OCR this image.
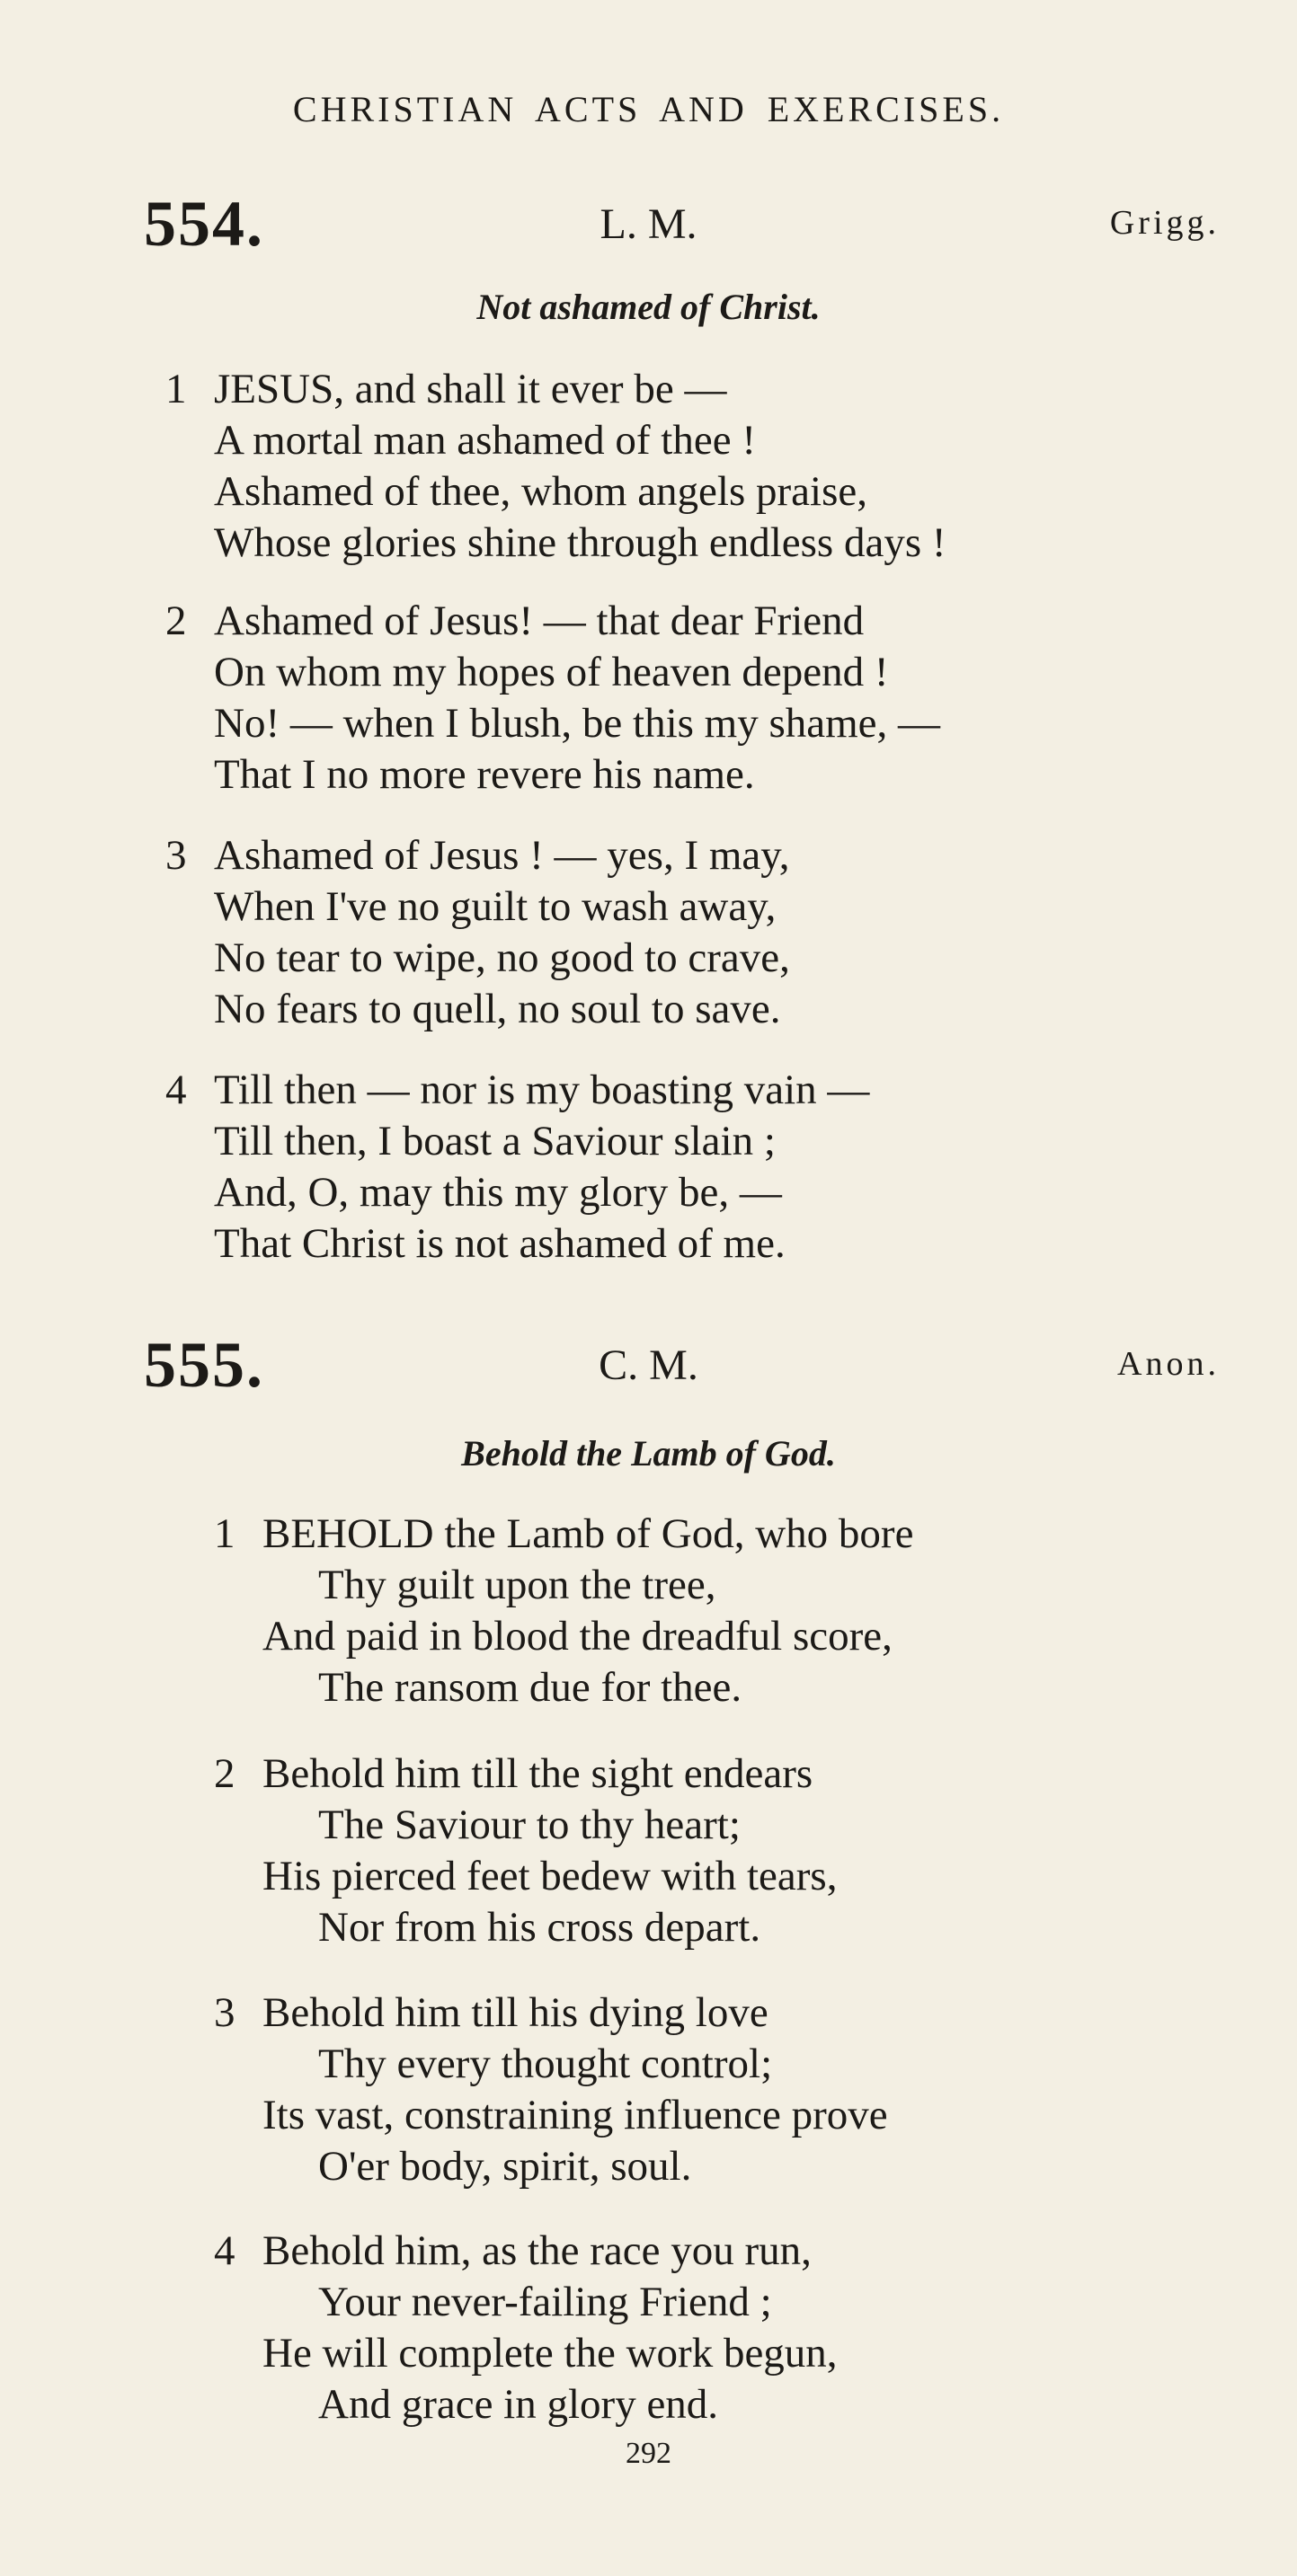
CHRISTIAN ACTS AND EXERCISES.
554.	L. M.	Grigg.
Not ashamed of Christ.
1 JESUS, and shall it ever be —
A mortal man ashamed of thee !
Ashamed of thee, whom angels praise,
Whose glories shine through endless days !
2 Ashamed of Jesus! — that dear Friend
On whom my hopes of heaven depend !
No! — when I blush, be this my shame, —
That I no more revere his name.
3 Ashamed of Jesus ! — yes, I may,
When I've no guilt to wash away,
No tear to wipe, no good to crave,
No fears to quell, no soul to save.
4 Till then — nor is my boasting vain —
Till then, I boast a Saviour slain ;
And, O, may this my glory be, —
That Christ is not ashamed of me.
555.	C. M.	Anon.
Behold the Lamb of God.
1 BEHOLD the Lamb of God, who bore
Thy guilt upon the tree,
And paid in blood the dreadful score,
The ransom due for thee.
2 Behold him till the sight endears
The Saviour to thy heart;
His pierced feet bedew with tears,
Nor from his cross depart.
3 Behold him till his dying love
Thy every thought control;
Its vast, constraining influence prove
O'er body, spirit, soul.
4 Behold him, as the race you run,
Your never-failing Friend ;
He will complete the work begun,
And grace in glory end.
292
